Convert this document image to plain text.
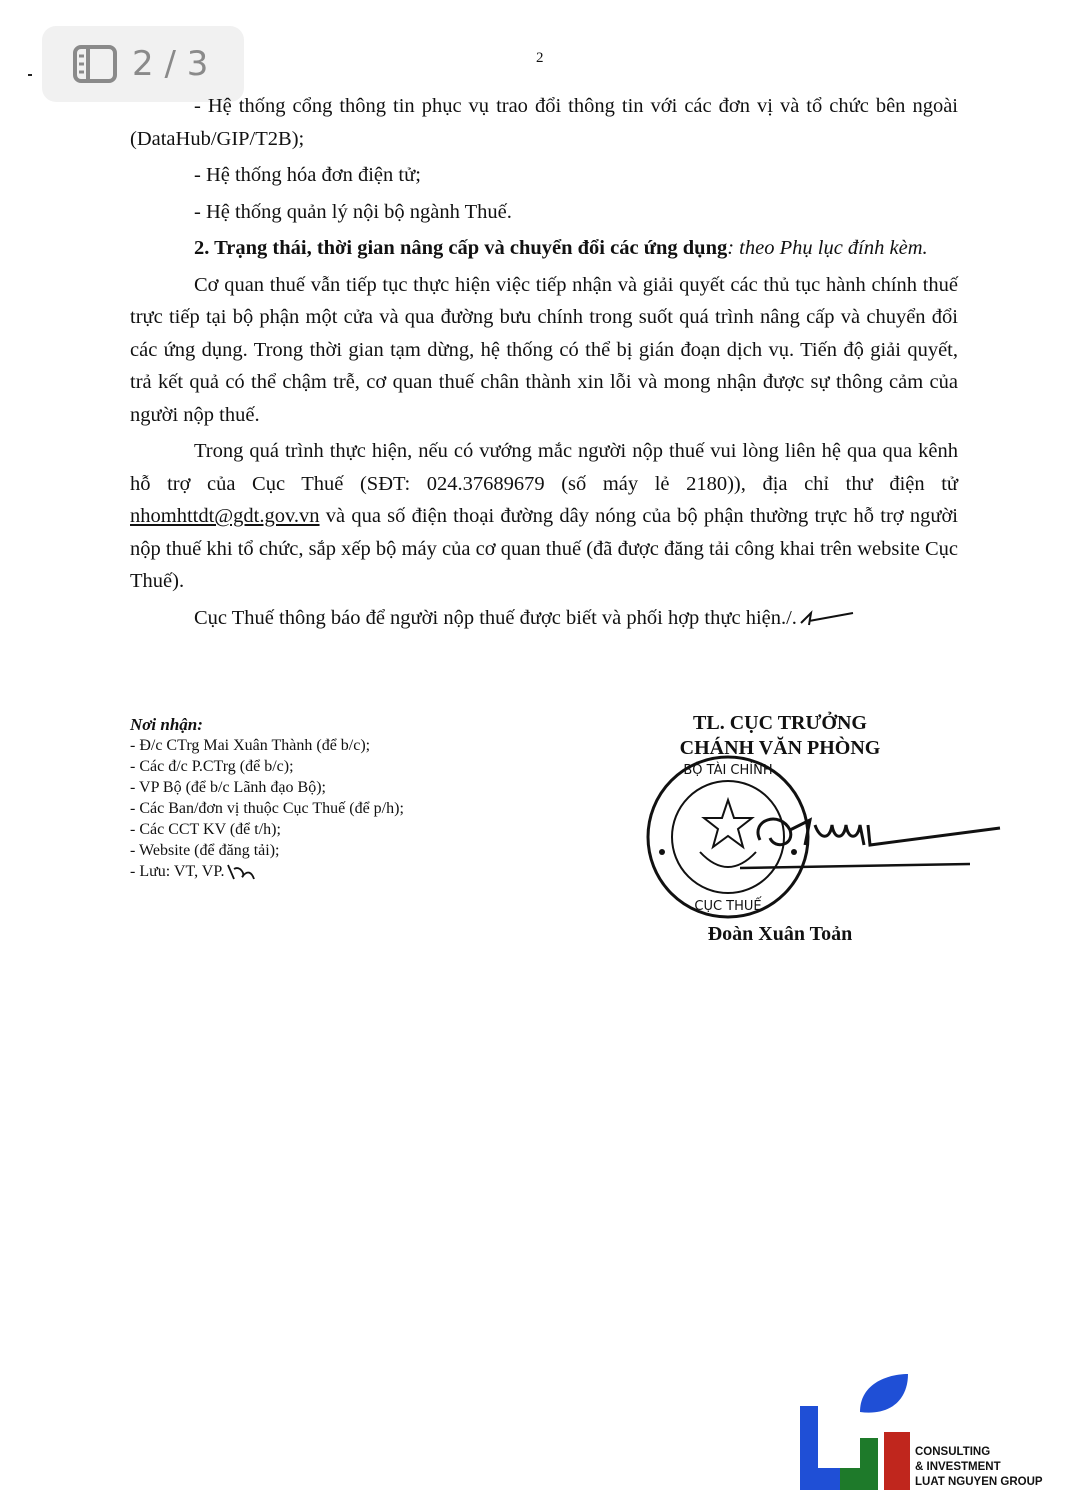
2 / 3	2

- Hệ thống cổng thông tin phục vụ trao đổi thông tin với các đơn vị và tổ chức bên ngoài (DataHub/GIP/T2B);

- Hệ thống hóa đơn điện tử;

- Hệ thống quản lý nội bộ ngành Thuế.

2. Trạng thái, thời gian nâng cấp và chuyển đổi các ứng dụng: theo Phụ lục đính kèm.

Cơ quan thuế vẫn tiếp tục thực hiện việc tiếp nhận và giải quyết các thủ tục hành chính thuế trực tiếp tại bộ phận một cửa và qua đường bưu chính trong suốt quá trình nâng cấp và chuyển đổi các ứng dụng. Trong thời gian tạm dừng, hệ thống có thể bị gián đoạn dịch vụ. Tiến độ giải quyết, trả kết quả có thể chậm trễ, cơ quan thuế chân thành xin lỗi và mong nhận được sự thông cảm của người nộp thuế.

Trong quá trình thực hiện, nếu có vướng mắc người nộp thuế vui lòng liên hệ qua qua kênh hỗ trợ của Cục Thuế (SĐT: 024.37689679 (số máy lẻ 2180)), địa chỉ thư điện tử nhomhttdt@gdt.gov.vn và qua số điện thoại đường dây nóng của bộ phận thường trực hỗ trợ người nộp thuế khi tổ chức, sắp xếp bộ máy của cơ quan thuế (đã được đăng tải công khai trên website Cục Thuế).

Cục Thuế thông báo để người nộp thuế được biết và phối hợp thực hiện./.

Nơi nhận:
- Đ/c CTrg Mai Xuân Thành (để b/c);
- Các đ/c P.CTrg (để b/c);
- VP Bộ (để b/c Lãnh đạo Bộ);
- Các Ban/đơn vị thuộc Cục Thuế (để p/h);
- Các CCT KV (để t/h);
- Website (để đăng tải);
- Lưu: VT, VP.
TL. CỤC TRƯỞNG
CHÁNH VĂN PHÒNG
BỘ TÀI CHÍNH
CỤC THUẾ
Đoàn Xuân Toản
CONSULTING
& INVESTMENT
LUAT NGUYEN GROUP
